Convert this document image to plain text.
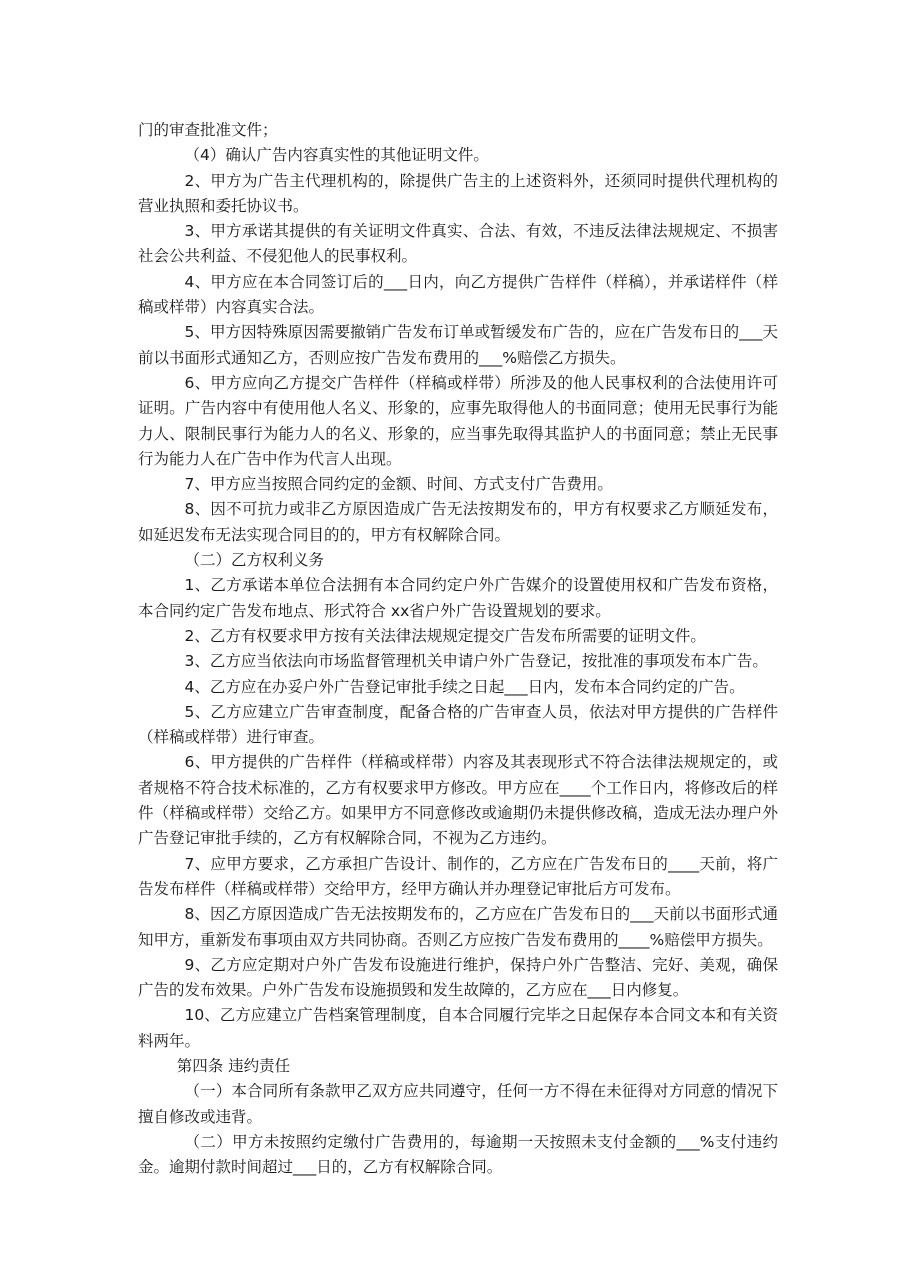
门的审查批准文件；

（4）确认广告内容真实性的其他证明文件。

2、甲方为广告主代理机构的，除提供广告主的上述资料外，还须同时提供代理机构的营业执照和委托协议书。

3、甲方承诺其提供的有关证明文件真实、合法、有效，不违反法律法规规定、不损害社会公共利益、不侵犯他人的民事权利。

4、甲方应在本合同签订后的___日内，向乙方提供广告样件（样稿），并承诺样件（样稿或样带）内容真实合法。

5、甲方因特殊原因需要撤销广告发布订单或暂缓发布广告的，应在广告发布日的___天前以书面形式通知乙方，否则应按广告发布费用的___%赔偿乙方损失。

6、甲方应向乙方提交广告样件（样稿或样带）所涉及的他人民事权利的合法使用许可证明。广告内容中有使用他人名义、形象的，应事先取得他人的书面同意；使用无民事行为能力人、限制民事行为能力人的名义、形象的，应当事先取得其监护人的书面同意；禁止无民事行为能力人在广告中作为代言人出现。

7、甲方应当按照合同约定的金额、时间、方式支付广告费用。

8、因不可抗力或非乙方原因造成广告无法按期发布的，甲方有权要求乙方顺延发布，如延迟发布无法实现合同目的的，甲方有权解除合同。

（二）乙方权利义务

1、乙方承诺本单位合法拥有本合同约定户外广告媒介的设置使用权和广告发布资格，本合同约定广告发布地点、形式符合 xx省户外广告设置规划的要求。

2、乙方有权要求甲方按有关法律法规规定提交广告发布所需要的证明文件。

3、乙方应当依法向市场监督管理机关申请户外广告登记，按批准的事项发布本广告。

4、乙方应在办妥户外广告登记审批手续之日起___日内，发布本合同约定的广告。

5、乙方应建立广告审查制度，配备合格的广告审查人员，依法对甲方提供的广告样件（样稿或样带）进行审查。

6、甲方提供的广告样件（样稿或样带）内容及其表现形式不符合法律法规规定的，或者规格不符合技术标准的，乙方有权要求甲方修改。甲方应在____个工作日内，将修改后的样件（样稿或样带）交给乙方。如果甲方不同意修改或逾期仍未提供修改稿，造成无法办理户外广告登记审批手续的，乙方有权解除合同，不视为乙方违约。

7、应甲方要求，乙方承担广告设计、制作的，乙方应在广告发布日的____天前，将广告发布样件（样稿或样带）交给甲方，经甲方确认并办理登记审批后方可发布。

8、因乙方原因造成广告无法按期发布的，乙方应在广告发布日的___天前以书面形式通知甲方，重新发布事项由双方共同协商。否则乙方应按广告发布费用的____%赔偿甲方损失。

9、乙方应定期对户外广告发布设施进行维护，保持户外广告整洁、完好、美观，确保广告的发布效果。户外广告发布设施损毁和发生故障的，乙方应在___日内修复。

10、乙方应建立广告档案管理制度，自本合同履行完毕之日起保存本合同文本和有关资料两年。

第四条 违约责任

（一）本合同所有条款甲乙双方应共同遵守，任何一方不得在未征得对方同意的情况下擅自修改或违背。

（二）甲方未按照约定缴付广告费用的，每逾期一天按照未支付金额的___%支付违约金。逾期付款时间超过___日的，乙方有权解除合同。
